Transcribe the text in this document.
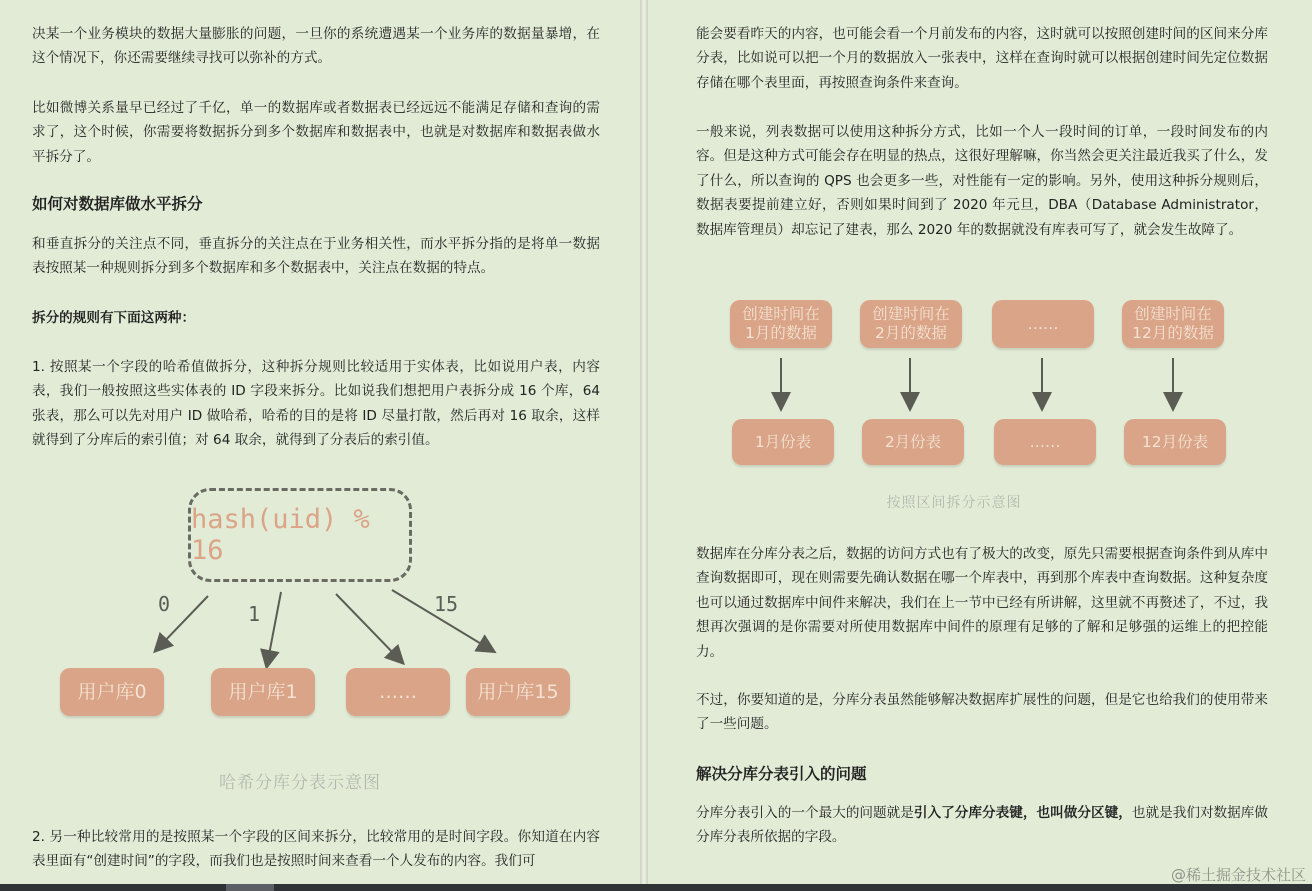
决某一个业务模块的数据大量膨胀的问题，一旦你的系统遭遇某一个业务库的数据量暴增，在这个情况下，你还需要继续寻找可以弥补的方式。

比如微博关系量早已经过了千亿，单一的数据库或者数据表已经远远不能满足存储和查询的需求了，这个时候，你需要将数据拆分到多个数据库和数据表中，也就是对数据库和数据表做水平拆分了。

如何对数据库做水平拆分

和垂直拆分的关注点不同，垂直拆分的关注点在于业务相关性，而水平拆分指的是将单一数据表按照某一种规则拆分到多个数据库和多个数据表中，关注点在数据的特点。

拆分的规则有下面这两种：

1. 按照某一个字段的哈希值做拆分，这种拆分规则比较适用于实体表，比如说用户表，内容表，我们一般按照这些实体表的 ID 字段来拆分。比如说我们想把用户表拆分成 16 个库，64 张表，那么可以先对用户 ID 做哈希，哈希的目的是将 ID 尽量打散，然后再对 16 取余，这样就得到了分库后的索引值；对 64 取余，就得到了分表后的索引值。

hash(uid) % 16
0	1	15
用户库0	用户库1	……	用户库15
哈希分库分表示意图

2. 另一种比较常用的是按照某一个字段的区间来拆分，比较常用的是时间字段。你知道在内容表里面有“创建时间”的字段，而我们也是按照时间来查看一个人发布的内容。我们可

能会要看昨天的内容，也可能会看一个月前发布的内容，这时就可以按照创建时间的区间来分库分表，比如说可以把一个月的数据放入一张表中，这样在查询时就可以根据创建时间先定位数据存储在哪个表里面，再按照查询条件来查询。

一般来说，列表数据可以使用这种拆分方式，比如一个人一段时间的订单，一段时间发布的内容。但是这种方式可能会存在明显的热点，这很好理解嘛，你当然会更关注最近我买了什么，发了什么，所以查询的 QPS 也会更多一些，对性能有一定的影响。另外，使用这种拆分规则后，数据表要提前建立好，否则如果时间到了 2020 年元旦，DBA（Database Administrator，数据库管理员）却忘记了建表，那么 2020 年的数据就没有库表可写了，就会发生故障了。

创建时间在
1月的数据
创建时间在
2月的数据
……
创建时间在
12月的数据
1月份表	2月份表	……	12月份表
按照区间拆分示意图

数据库在分库分表之后，数据的访问方式也有了极大的改变，原先只需要根据查询条件到从库中查询数据即可，现在则需要先确认数据在哪一个库表中，再到那个库表中查询数据。这种复杂度也可以通过数据库中间件来解决，我们在上一节中已经有所讲解，这里就不再赘述了，不过，我想再次强调的是你需要对所使用数据库中间件的原理有足够的了解和足够强的运维上的把控能力。

不过，你要知道的是，分库分表虽然能够解决数据库扩展性的问题，但是它也给我们的使用带来了一些问题。

解决分库分表引入的问题

分库分表引入的一个最大的问题就是引入了分库分表键，也叫做分区键，也就是我们对数据库做分库分表所依据的字段。

@稀土掘金技术社区
